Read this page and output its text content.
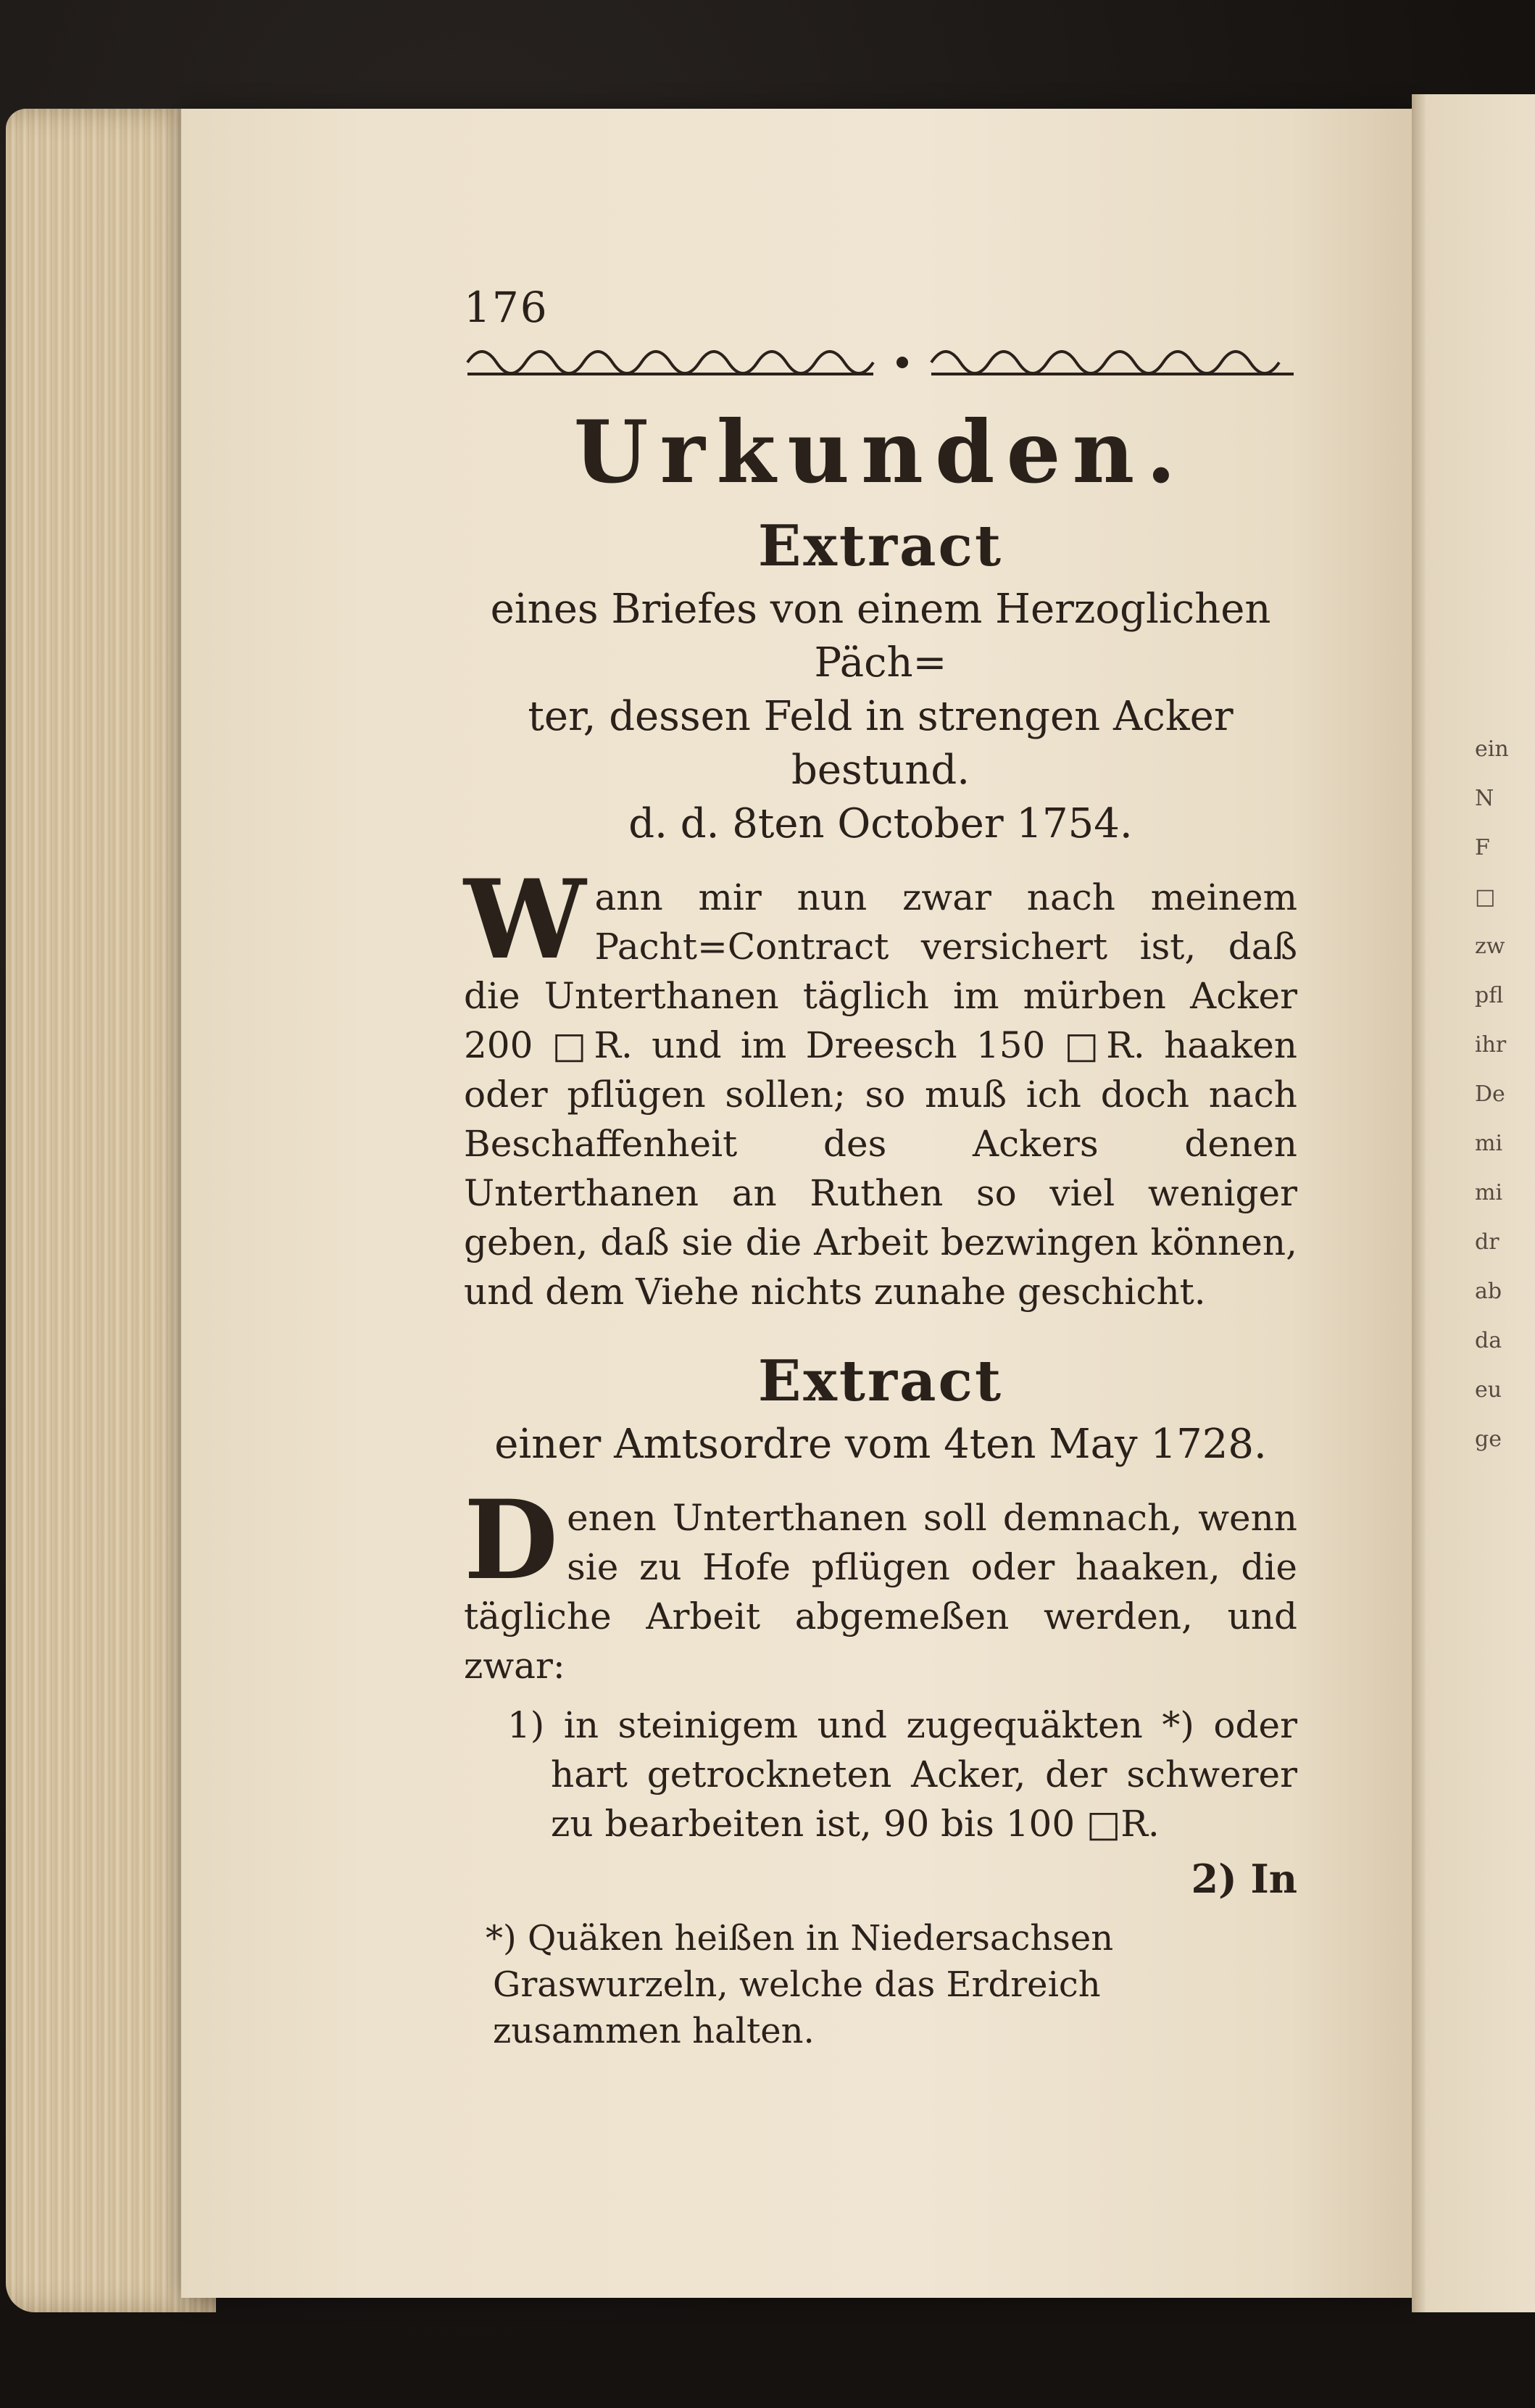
ein
N
F
□
zw
pfl
ihr
De
mi
mi
dr
ab
da
eu
ge
176
Urkunden.
Extract

eines Briefes von einem Herzoglichen Päch=

ter, dessen Feld in strengen Acker bestund.

d. d. 8ten October 1754.

W ann mir nun zwar nach meinem Pacht=Contract versichert ist, daß die Unterthanen täglich im mürben Acker 200 □R. und im Dreesch 150 □R. haaken oder pflügen sollen; so muß ich doch nach Beschaffenheit des Ackers denen Unterthanen an Ruthen so viel weniger geben, daß sie die Arbeit bezwingen können, und dem Viehe nichts zunahe geschicht.

Extract

einer Amtsordre vom 4ten May 1728.

D enen Unterthanen soll demnach, wenn sie zu Hofe pflügen oder haaken, die tägliche Arbeit abgemeßen werden, und zwar:

1) in steinigem und zugequäkten *) oder hart getrockneten Acker, der schwerer zu bearbeiten ist, 90 bis 100 □R.

2) In

*) Quäken heißen in Niedersachsen Graswurzeln, welche das Erdreich zusammen halten.
